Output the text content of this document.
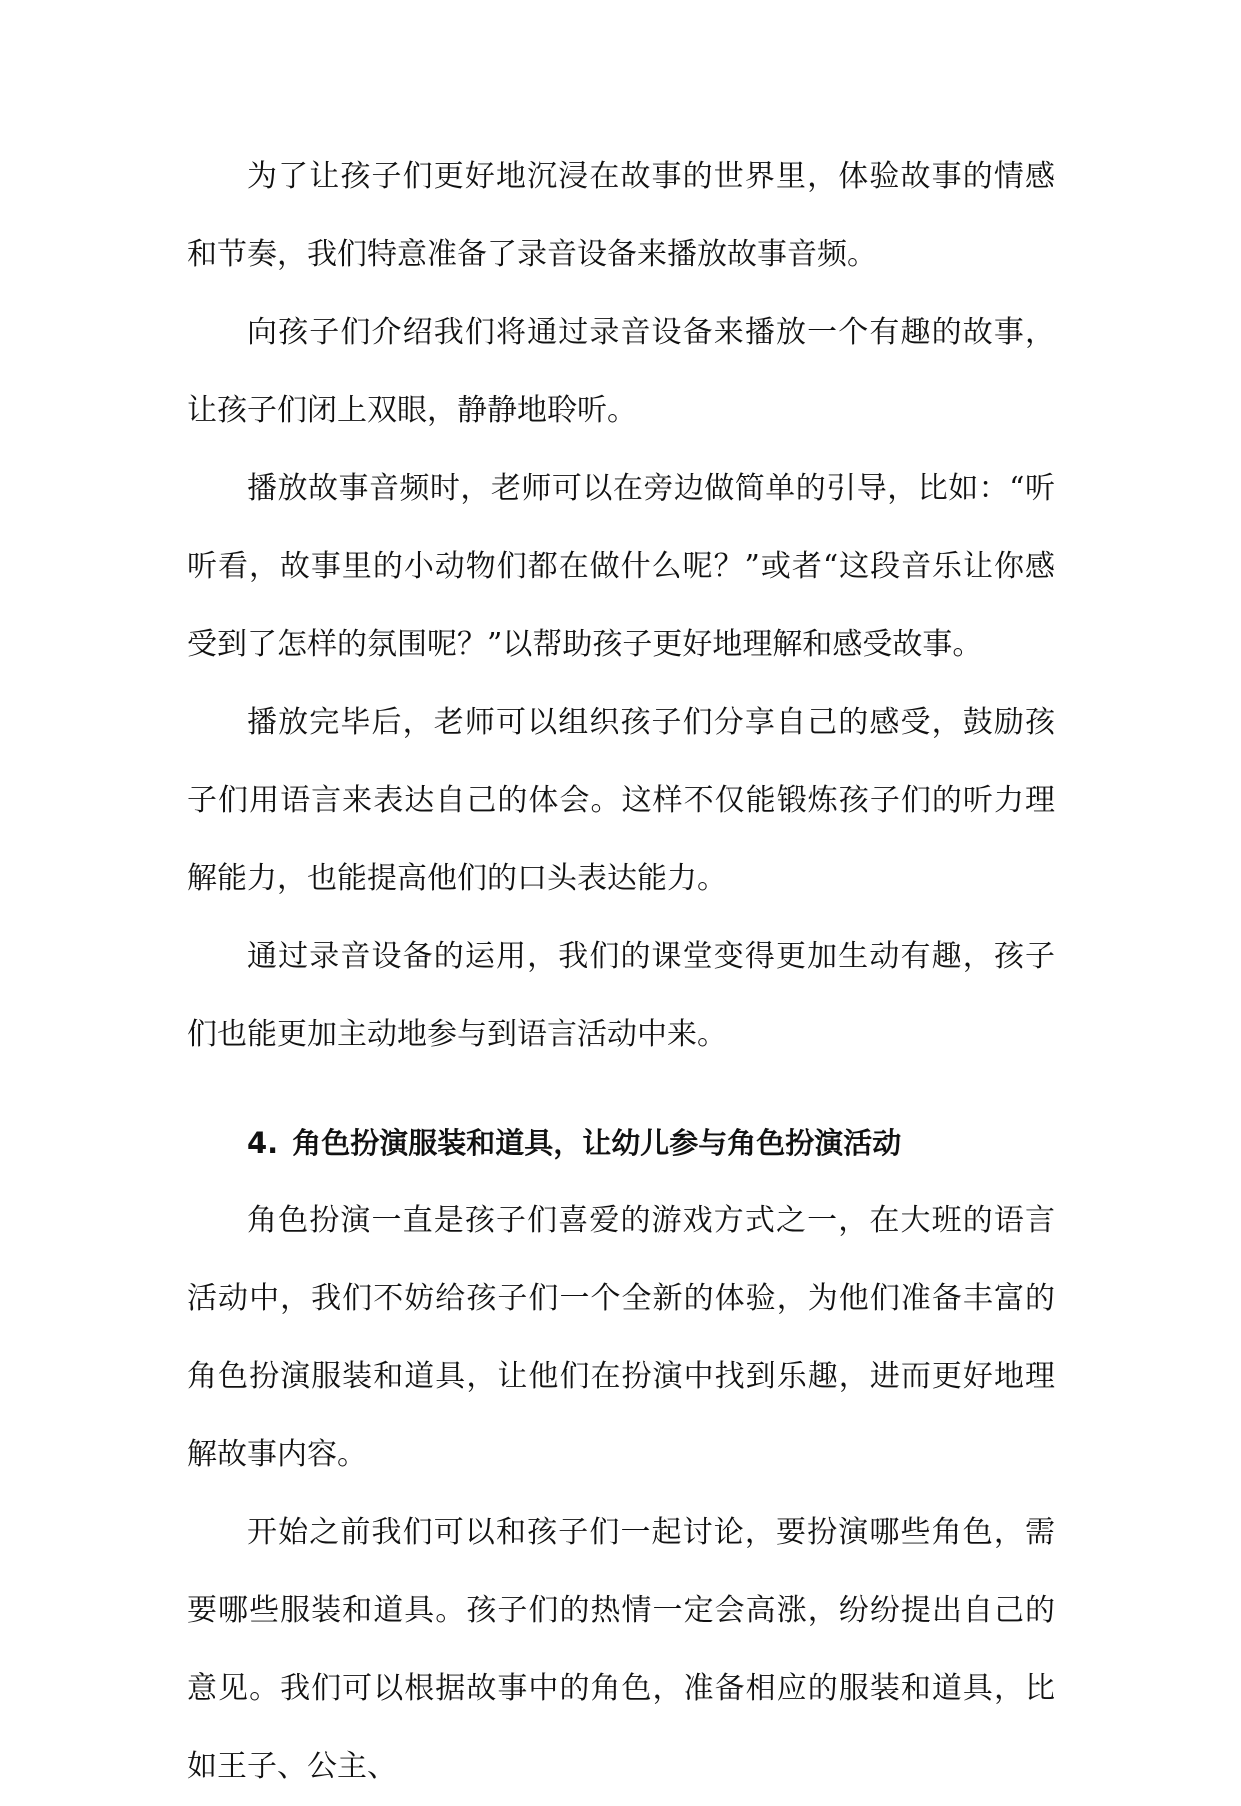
为了让孩子们更好地沉浸在故事的世界里，体验故事的情感和节奏，我们特意准备了录音设备来播放故事音频。

向孩子们介绍我们将通过录音设备来播放一个有趣的故事，让孩子们闭上双眼，静静地聆听。

播放故事音频时，老师可以在旁边做简单的引导，比如：“听听看，故事里的小动物们都在做什么呢？”或者“这段音乐让你感受到了怎样的氛围呢？”以帮助孩子更好地理解和感受故事。

播放完毕后，老师可以组织孩子们分享自己的感受，鼓励孩子们用语言来表达自己的体会。这样不仅能锻炼孩子们的听力理解能力，也能提高他们的口头表达能力。

通过录音设备的运用，我们的课堂变得更加生动有趣，孩子们也能更加主动地参与到语言活动中来。

4. 角色扮演服装和道具，让幼儿参与角色扮演活动

角色扮演一直是孩子们喜爱的游戏方式之一，在大班的语言活动中，我们不妨给孩子们一个全新的体验，为他们准备丰富的角色扮演服装和道具，让他们在扮演中找到乐趣，进而更好地理解故事内容。

开始之前我们可以和孩子们一起讨论，要扮演哪些角色，需要哪些服装和道具。孩子们的热情一定会高涨，纷纷提出自己的意见。我们可以根据故事中的角色，准备相应的服装和道具，比如王子、公主、
